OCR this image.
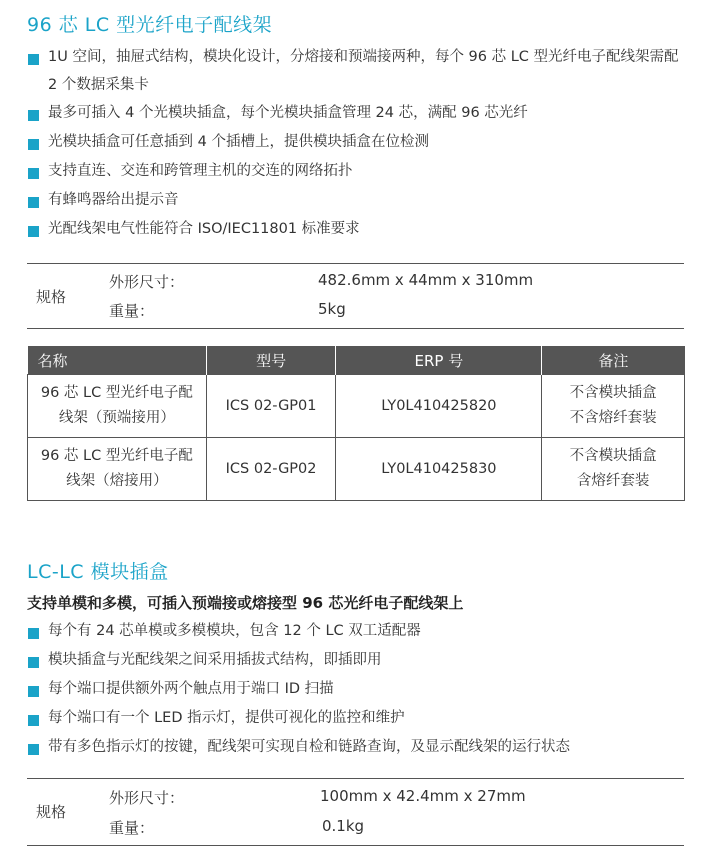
96 芯 LC 型光纤电子配线架
1U 空间，抽屉式结构，模块化设计，分熔接和预端接两种，每个 96 芯 LC 型光纤电子配线架需配 2 个数据采集卡
最多可插入 4 个光模块插盒，每个光模块插盒管理 24 芯，满配 96 芯光纤
光模块插盒可任意插到 4 个插槽上，提供模块插盒在位检测
支持直连、交连和跨管理主机的交连的网络拓扑
有蜂鸣器给出提示音
光配线架电气性能符合 ISO/IEC11801 标准要求
规格
外形尺寸：	482.6mm x 44mm x 310mm
重量：	5kg
名称	型号	ERP 号	备注
96 芯 LC 型光纤电子配线架（预端接用）	ICS 02-GP01	LY0L410425820	不含模块插盒
不含熔纤套装

96 芯 LC 型光纤电子配线架（熔接用）	ICS 02-GP02	LY0L410425830	不含模块插盒
含熔纤套装
LC-LC 模块插盒
支持单模和多模，可插入预端接或熔接型 96 芯光纤电子配线架上
每个有 24 芯单模或多模模块，包含 12 个 LC 双工适配器
模块插盒与光配线架之间采用插拔式结构，即插即用
每个端口提供额外两个触点用于端口 ID 扫描
每个端口有一个 LED 指示灯，提供可视化的监控和维护
带有多色指示灯的按键，配线架可实现自检和链路查询，及显示配线架的运行状态
规格
外形尺寸：	100mm x 42.4mm x 27mm
重量：	0.1kg
